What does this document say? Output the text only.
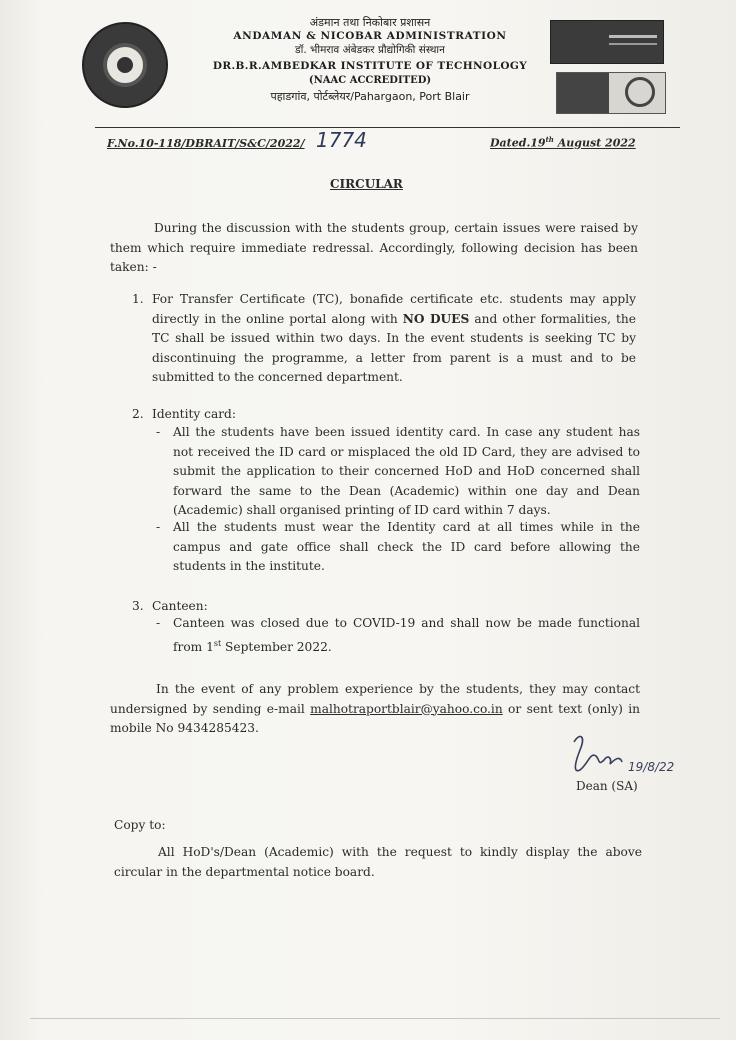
अंडमान तथा निकोबार प्रशासन
ANDAMAN & NICOBAR ADMINISTRATION
डॉ. भीमराव अंबेडकर प्रौद्योगिकी संस्थान
DR.B.R.AMBEDKAR INSTITUTE OF TECHNOLOGY
(NAAC ACCREDITED)
पहाडगांव, पोर्टब्लेयर/Pahargaon, Port Blair
F.No.10-118/DBRAIT/S&C/2022/ 1774	Dated.19th August 2022
CIRCULAR
During the discussion with the students group, certain issues were raised by them which require immediate redressal. Accordingly, following decision has been taken: -
1. For Transfer Certificate (TC), bonafide certificate etc. students may apply directly in the online portal along with NO DUES and other formalities, the TC shall be issued within two days. In the event students is seeking TC by discontinuing the programme, a letter from parent is a must and to be submitted to the concerned department.
2. Identity card:
- All the students have been issued identity card. In case any student has not received the ID card or misplaced the old ID Card, they are advised to submit the application to their concerned HoD and HoD concerned shall forward the same to the Dean (Academic) within one day and Dean (Academic) shall organised printing of ID card within 7 days.
- All the students must wear the Identity card at all times while in the campus and gate office shall check the ID card before allowing the students in the institute.
3. Canteen:
- Canteen was closed due to COVID-19 and shall now be made functional from 1st September 2022.
In the event of any problem experience by the students, they may contact undersigned by sending e-mail malhotraportblair@yahoo.co.in or sent text (only) in mobile No 9434285423.
19/8/22
Dean (SA)
Copy to:
All HoD's/Dean (Academic) with the request to kindly display the above circular in the departmental notice board.
